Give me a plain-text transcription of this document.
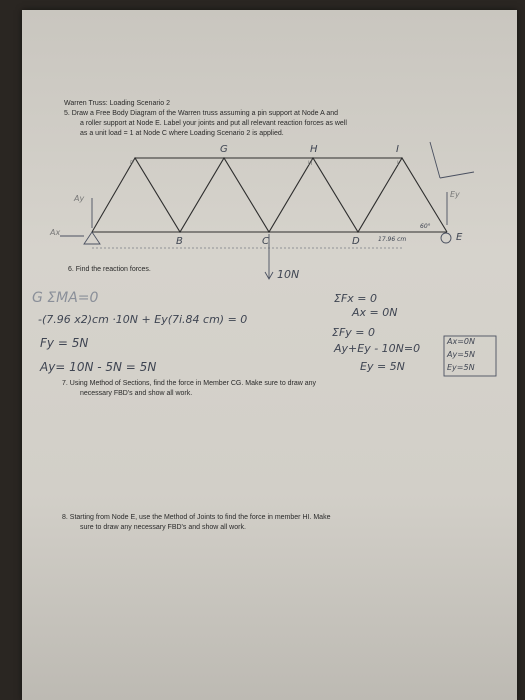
Warren Truss: Loading Scenario 2
5. Draw a Free Body Diagram of the Warren truss assuming a pin support at Node A and
a roller support at Node E. Label your joints and put all relevant reaction forces as well
as a unit load = 1 at Node C where Loading Scenario 2 is applied.
F	H	I
G	H	I
B	C	D	E
Ax
Ay	Ey
17.96 cm
60°
6. Find the reaction forces.	10N
G ΣMA=0
-(7.96 x2)cm ·10N + Ey(7i.84 cm) = 0
Fy = 5N
Ay= 10N - 5N = 5N
ΣFx = 0
Ax = 0N
ΣFy = 0
Ay+Ey - 10N=0
Ey = 5N
Ax=0N
Ay=5N
Ey=5N
7. Using Method of Sections, find the force in Member CG. Make sure to draw any
necessary FBD's and show all work.
8. Starting from Node E, use the Method of Joints to find the force in member HI. Make
sure to draw any necessary FBD's and show all work.
